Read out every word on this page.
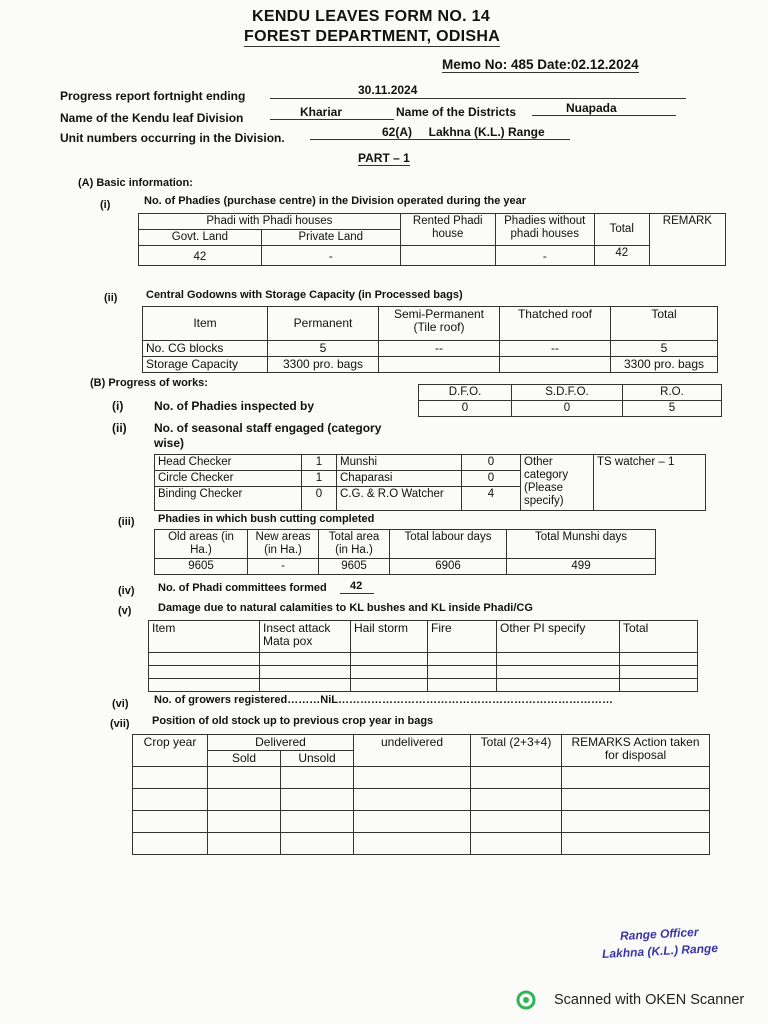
KENDU LEAVES FORM NO. 14
FOREST DEPARTMENT, ODISHA
Memo No: 485 Date:02.12.2024
Progress report fortnight ending	30.11.2024
Name of the Kendu leaf Division	Khariar	Name of the Districts	Nuapada
Unit numbers occurring in the Division.	62(A)     Lakhna (K.L.) Range
PART – 1
(A) Basic information:
(i)	No. of Phadies (purchase centre) in the Division operated during the year
Phadi with Phadi houses		Rented Phadi house	Phadies without phadi houses	Total	REMARK
Govt. Land	Private Land				
42	-		-	42	
(ii)	Central Godowns with Storage Capacity (in Processed bags)
Item	Permanent	Semi-Permanent (Tile roof)	Thatched roof	Total
No. CG blocks	5	--	--	5
Storage Capacity	3300 pro. bags			3300 pro. bags
(B) Progress of works:
D.F.O.	S.D.F.O.	R.O.
0	0	5
(i)	No. of Phadies inspected by
(ii) No. of seasonal staff engaged (category
wise)
Head Checker	1	Munshi	0	Other category (Please specify)	TS watcher – 1
Circle Checker	1	Chaparasi	0		
Binding Checker	0	C.G. & R.O Watcher	4		
(iii) Phadies in which bush cutting completed
Old areas (in Ha.)	New areas (in Ha.)	Total area (in Ha.)	Total labour days	Total Munshi days
9605	-	9605	6906	499
(iv) No. of Phadi committees formed 42
(v) Damage due to natural calamities to KL bushes and KL inside Phadi/CG
Item	Insect attack Mata pox	Hail storm	Fire	Other PI specify	Total

(vi) No. of growers registered………NiL…………………………………………………………………
(vii) Position of old stock up to previous crop year in bags
Crop year	Delivered		undelivered	Total (2+3+4)	REMARKS Action taken for disposal
	Sold	Unsold			

Range Officer
Lakhna (K.L.) Range
Scanned with OKEN Scanner
